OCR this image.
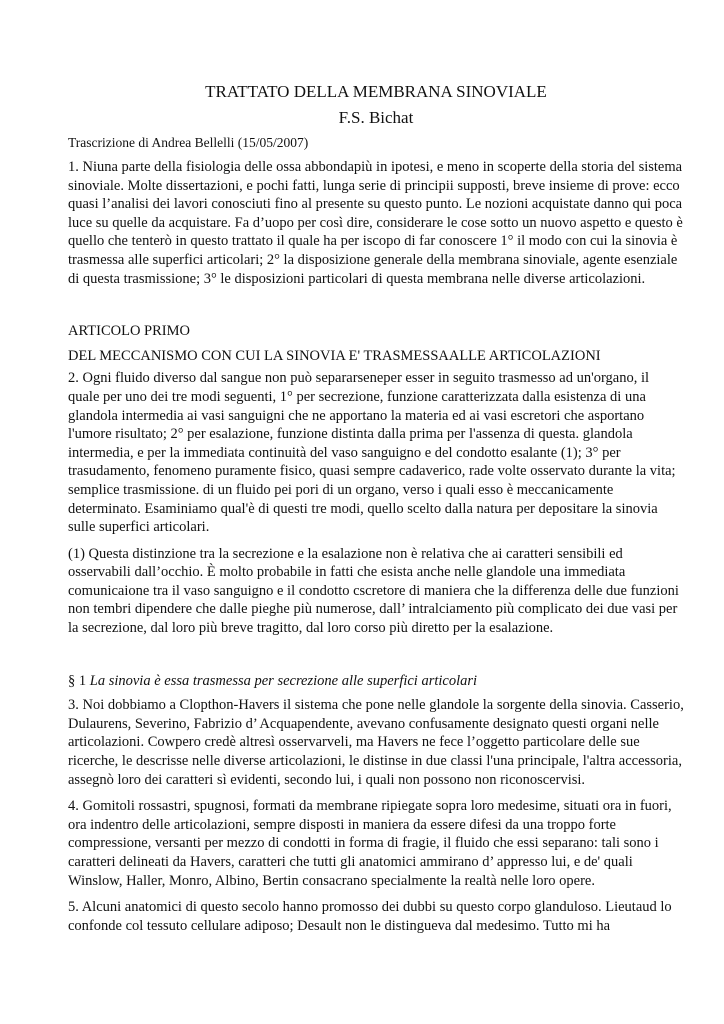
TRATTATO DELLA MEMBRANA SINOVIALE
F.S. Bichat
Trascrizione di Andrea Bellelli (15/05/2007)

1. Niuna parte della fisiologia delle ossa abbondapiù in ipotesi, e meno in scoperte della storia del sistema sinoviale. Molte dissertazioni, e pochi fatti, lunga serie di principii supposti, breve insieme di prove: ecco quasi l’analisi dei lavori conosciuti fino al presente su questo punto. Le nozioni acquistate danno qui poca luce su quelle da acquistare. Fa d’uopo per così dire, considerare le cose sotto un nuovo aspetto e questo è quello che tenterò in questo trattato il quale ha per iscopo di far conoscere 1° il modo con cui la sinovia è trasmessa alle superfici articolari; 2° la disposizione generale della membrana sinoviale, agente esenziale di questa trasmissione; 3° le disposizioni particolari di questa membrana nelle diverse articolazioni.

ARTICOLO PRIMO
DEL MECCANISMO CON CUI LA SINOVIA E' TRASMESSAALLE ARTICOLAZIONI

2. Ogni fluido diverso dal sangue non può separarseneper esser in seguito trasmesso ad un'organo, il quale per uno dei tre modi seguenti, 1° per secrezione, funzione caratterizzata dalla esistenza di una glandola intermedia ai vasi sanguigni che ne apportano la materia ed ai vasi escretori che asportano l'umore risultato; 2° per esalazione, funzione distinta dalla prima per l'assenza di questa. glandola intermedia, e per la immediata continuità del vaso sanguigno e del condotto esalante (1); 3° per trasudamento, fenomeno puramente fisico, quasi sempre cadaverico, rade volte osservato durante la vita; semplice trasmissione. di un fluido pei pori di un organo, verso i quali esso è meccanicamente determinato. Esaminiamo qual'è di questi tre modi, quello scelto dalla natura per depositare la sinovia sulle superfici articolari.

(1) Questa distinzione tra la secrezione e la esalazione non è relativa che ai caratteri sensibili ed osservabili dall’occhio. È molto probabile in fatti che esista anche nelle glandole una immediata comunicaione tra il vaso sanguigno e il condotto cscretore di maniera che la differenza delle due funzioni non tembri dipendere che dalle pieghe più numerose, dall’ intralciamento più complicato dei due vasi per la secrezione, dal loro più breve tragitto, dal loro corso più diretto per la esalazione.

§ 1 La sinovia è essa trasmessa per secrezione alle superfici articolari

3. Noi dobbiamo a Clopthon-Havers il sistema che pone nelle glandole la sorgente della sinovia. Casserio, Dulaurens, Severino, Fabrizio d’ Acquapendente, avevano confusamente designato questi organi nelle articolazioni. Cowpero credè altresì osservarveli, ma Havers ne fece l’oggetto particolare delle sue ricerche, le descrisse nelle diverse articolazioni, le distinse in due classi l'una principale, l'altra accessoria, assegnò loro dei caratteri sì evidenti, secondo lui, i quali non possono non riconoscervisi.

4. Gomitoli rossastri, spugnosi, formati da membrane ripiegate sopra loro medesime, situati ora in fuori, ora indentro delle articolazioni, sempre disposti in maniera da essere difesi da una troppo forte compressione, versanti per mezzo di condotti in forma di fragie, il fluido che essi separano: tali sono i caratteri delineati da Havers, caratteri che tutti gli anatomici ammirano d’ appresso lui, e de' quali Winslow, Haller, Monro, Albino, Bertin consacrano specialmente la realtà nelle loro opere.

5. Alcuni anatomici di questo secolo hanno promosso dei dubbi su questo corpo glanduloso. Lieutaud lo confonde col tessuto cellulare adiposo; Desault non le distingueva dal medesimo. Tutto mi ha
